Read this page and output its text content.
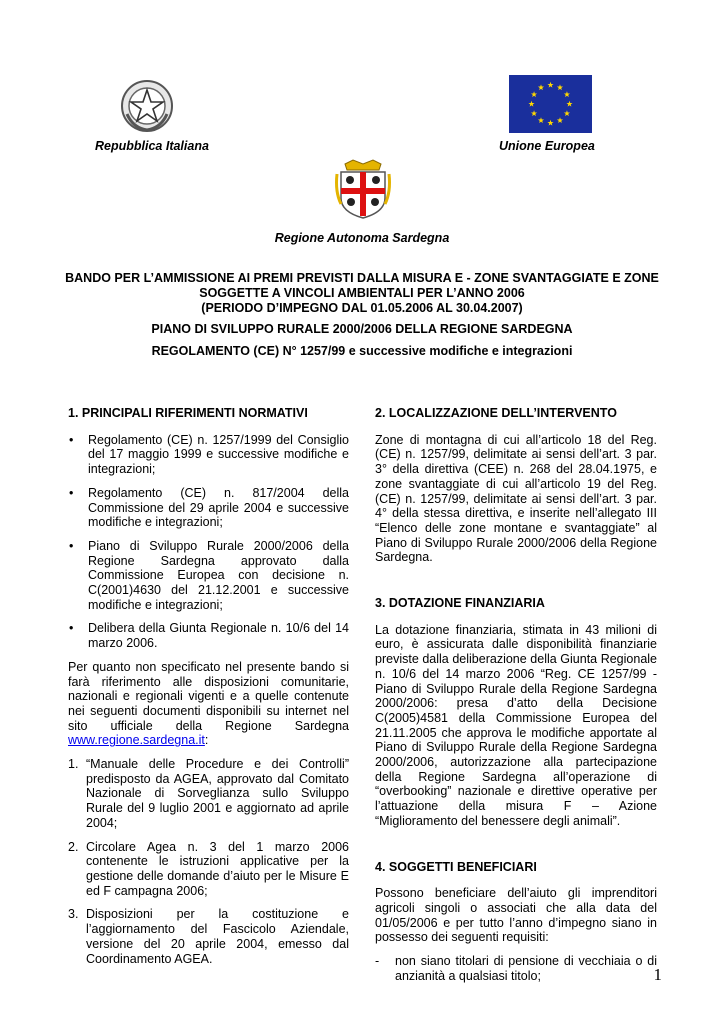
Repubblica Italiana	Unione Europea
Regione Autonoma Sardegna
BANDO PER L’AMMISSIONE AI PREMI PREVISTI DALLA MISURA E - ZONE SVANTAGGIATE E ZONE
SOGGETTE A VINCOLI AMBIENTALI PER L’ANNO 2006
(PERIODO D’IMPEGNO DAL 01.05.2006 AL 30.04.2007)
PIANO DI SVILUPPO RURALE 2000/2006 DELLA REGIONE SARDEGNA
REGOLAMENTO (CE) N° 1257/99 e successive modifiche e integrazioni
1. PRINCIPALI RIFERIMENTI NORMATIVI
• Regolamento (CE) n. 1257/1999 del Consiglio del 17 maggio 1999 e successive modifiche e integrazioni;
• Regolamento (CE) n. 817/2004 della Commissione del 29 aprile 2004 e successive modifiche e integrazioni;
• Piano di Sviluppo Rurale 2000/2006 della Regione Sardegna approvato dalla Commissione Europea con decisione n. C(2001)4630 del 21.12.2001 e successive modifiche e integrazioni;
• Delibera della Giunta Regionale n. 10/6 del 14 marzo 2006.

Per quanto non specificato nel presente bando si farà riferimento alle disposizioni comunitarie, nazionali e regionali vigenti e a quelle contenute nei seguenti documenti disponibili su internet nel sito ufficiale della Regione Sardegna www.regione.sardegna.it:

1. “Manuale delle Procedure e dei Controlli” predisposto da AGEA, approvato dal Comitato Nazionale di Sorveglianza sullo Sviluppo Rurale del 9 luglio 2001 e aggiornato ad aprile 2004;
2. Circolare Agea n. 3 del 1 marzo 2006 contenente le istruzioni applicative per la gestione delle domande d’aiuto per le Misure E ed F campagna 2006;
3. Disposizioni per la costituzione e l’aggiornamento del Fascicolo Aziendale, versione del 20 aprile 2004, emesso dal Coordinamento AGEA.
2. LOCALIZZAZIONE DELL’INTERVENTO

Zone di montagna di cui all’articolo 18 del Reg. (CE) n. 1257/99, delimitate ai sensi dell’art. 3 par. 3° della direttiva (CEE) n. 268 del 28.04.1975, e zone svantaggiate di cui all’articolo 19 del Reg. (CE) n. 1257/99, delimitate ai sensi dell’art. 3 par. 4° della stessa direttiva, e inserite nell’allegato III “Elenco delle zone montane e svantaggiate” al Piano di Sviluppo Rurale 2000/2006 della Regione Sardegna.

3. DOTAZIONE FINANZIARIA

La dotazione finanziaria, stimata in 43 milioni di euro, è assicurata dalle disponibilità finanziarie previste dalla deliberazione della Giunta Regionale n. 10/6 del 14 marzo 2006 “Reg. CE 1257/99 - Piano di Sviluppo Rurale della Regione Sardegna 2000/2006: presa d’atto della Decisione C(2005)4581 della Commissione Europea del 21.11.2005 che approva le modifiche apportate al Piano di Sviluppo Rurale della Regione Sardegna 2000/2006, autorizzazione alla partecipazione della Regione Sardegna all’operazione di “overbooking” nazionale e direttive operative per l’attuazione della misura F – Azione “Miglioramento del benessere degli animali”.

4. SOGGETTI BENEFICIARI

Possono beneficiare dell’aiuto gli imprenditori agricoli singoli o associati che alla data del 01/05/2006 e per tutto l’anno d’impegno siano in possesso dei seguenti requisiti:

- non siano titolari di pensione di vecchiaia o di anzianità a qualsiasi titolo;	1
